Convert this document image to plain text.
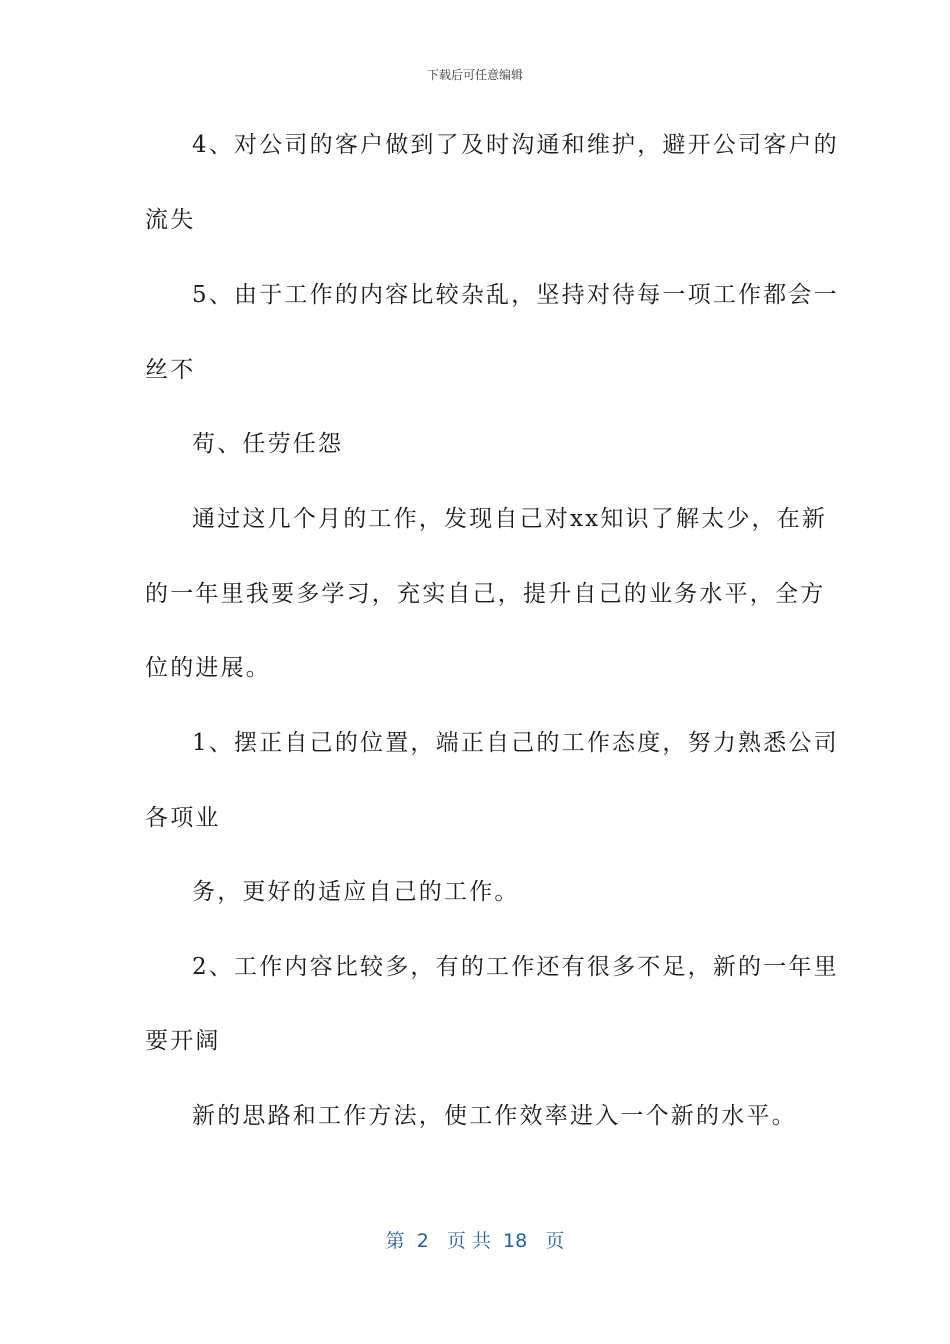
下载后可任意编辑
4、对公司的客户做到了及时沟通和维护，避开公司客户的
流失
5、由于工作的内容比较杂乱，坚持对待每一项工作都会一
丝不
苟、任劳任怨
通过这几个月的工作，发现自己对xx知识了解太少，在新
的一年里我要多学习，充实自己，提升自己的业务水平，全方
位的进展。
1、摆正自己的位置，端正自己的工作态度，努力熟悉公司
各项业
务，更好的适应自己的工作。
2、工作内容比较多，有的工作还有很多不足，新的一年里
要开阔
新的思路和工作方法，使工作效率进入一个新的水平。
第  2   页 共  18   页
